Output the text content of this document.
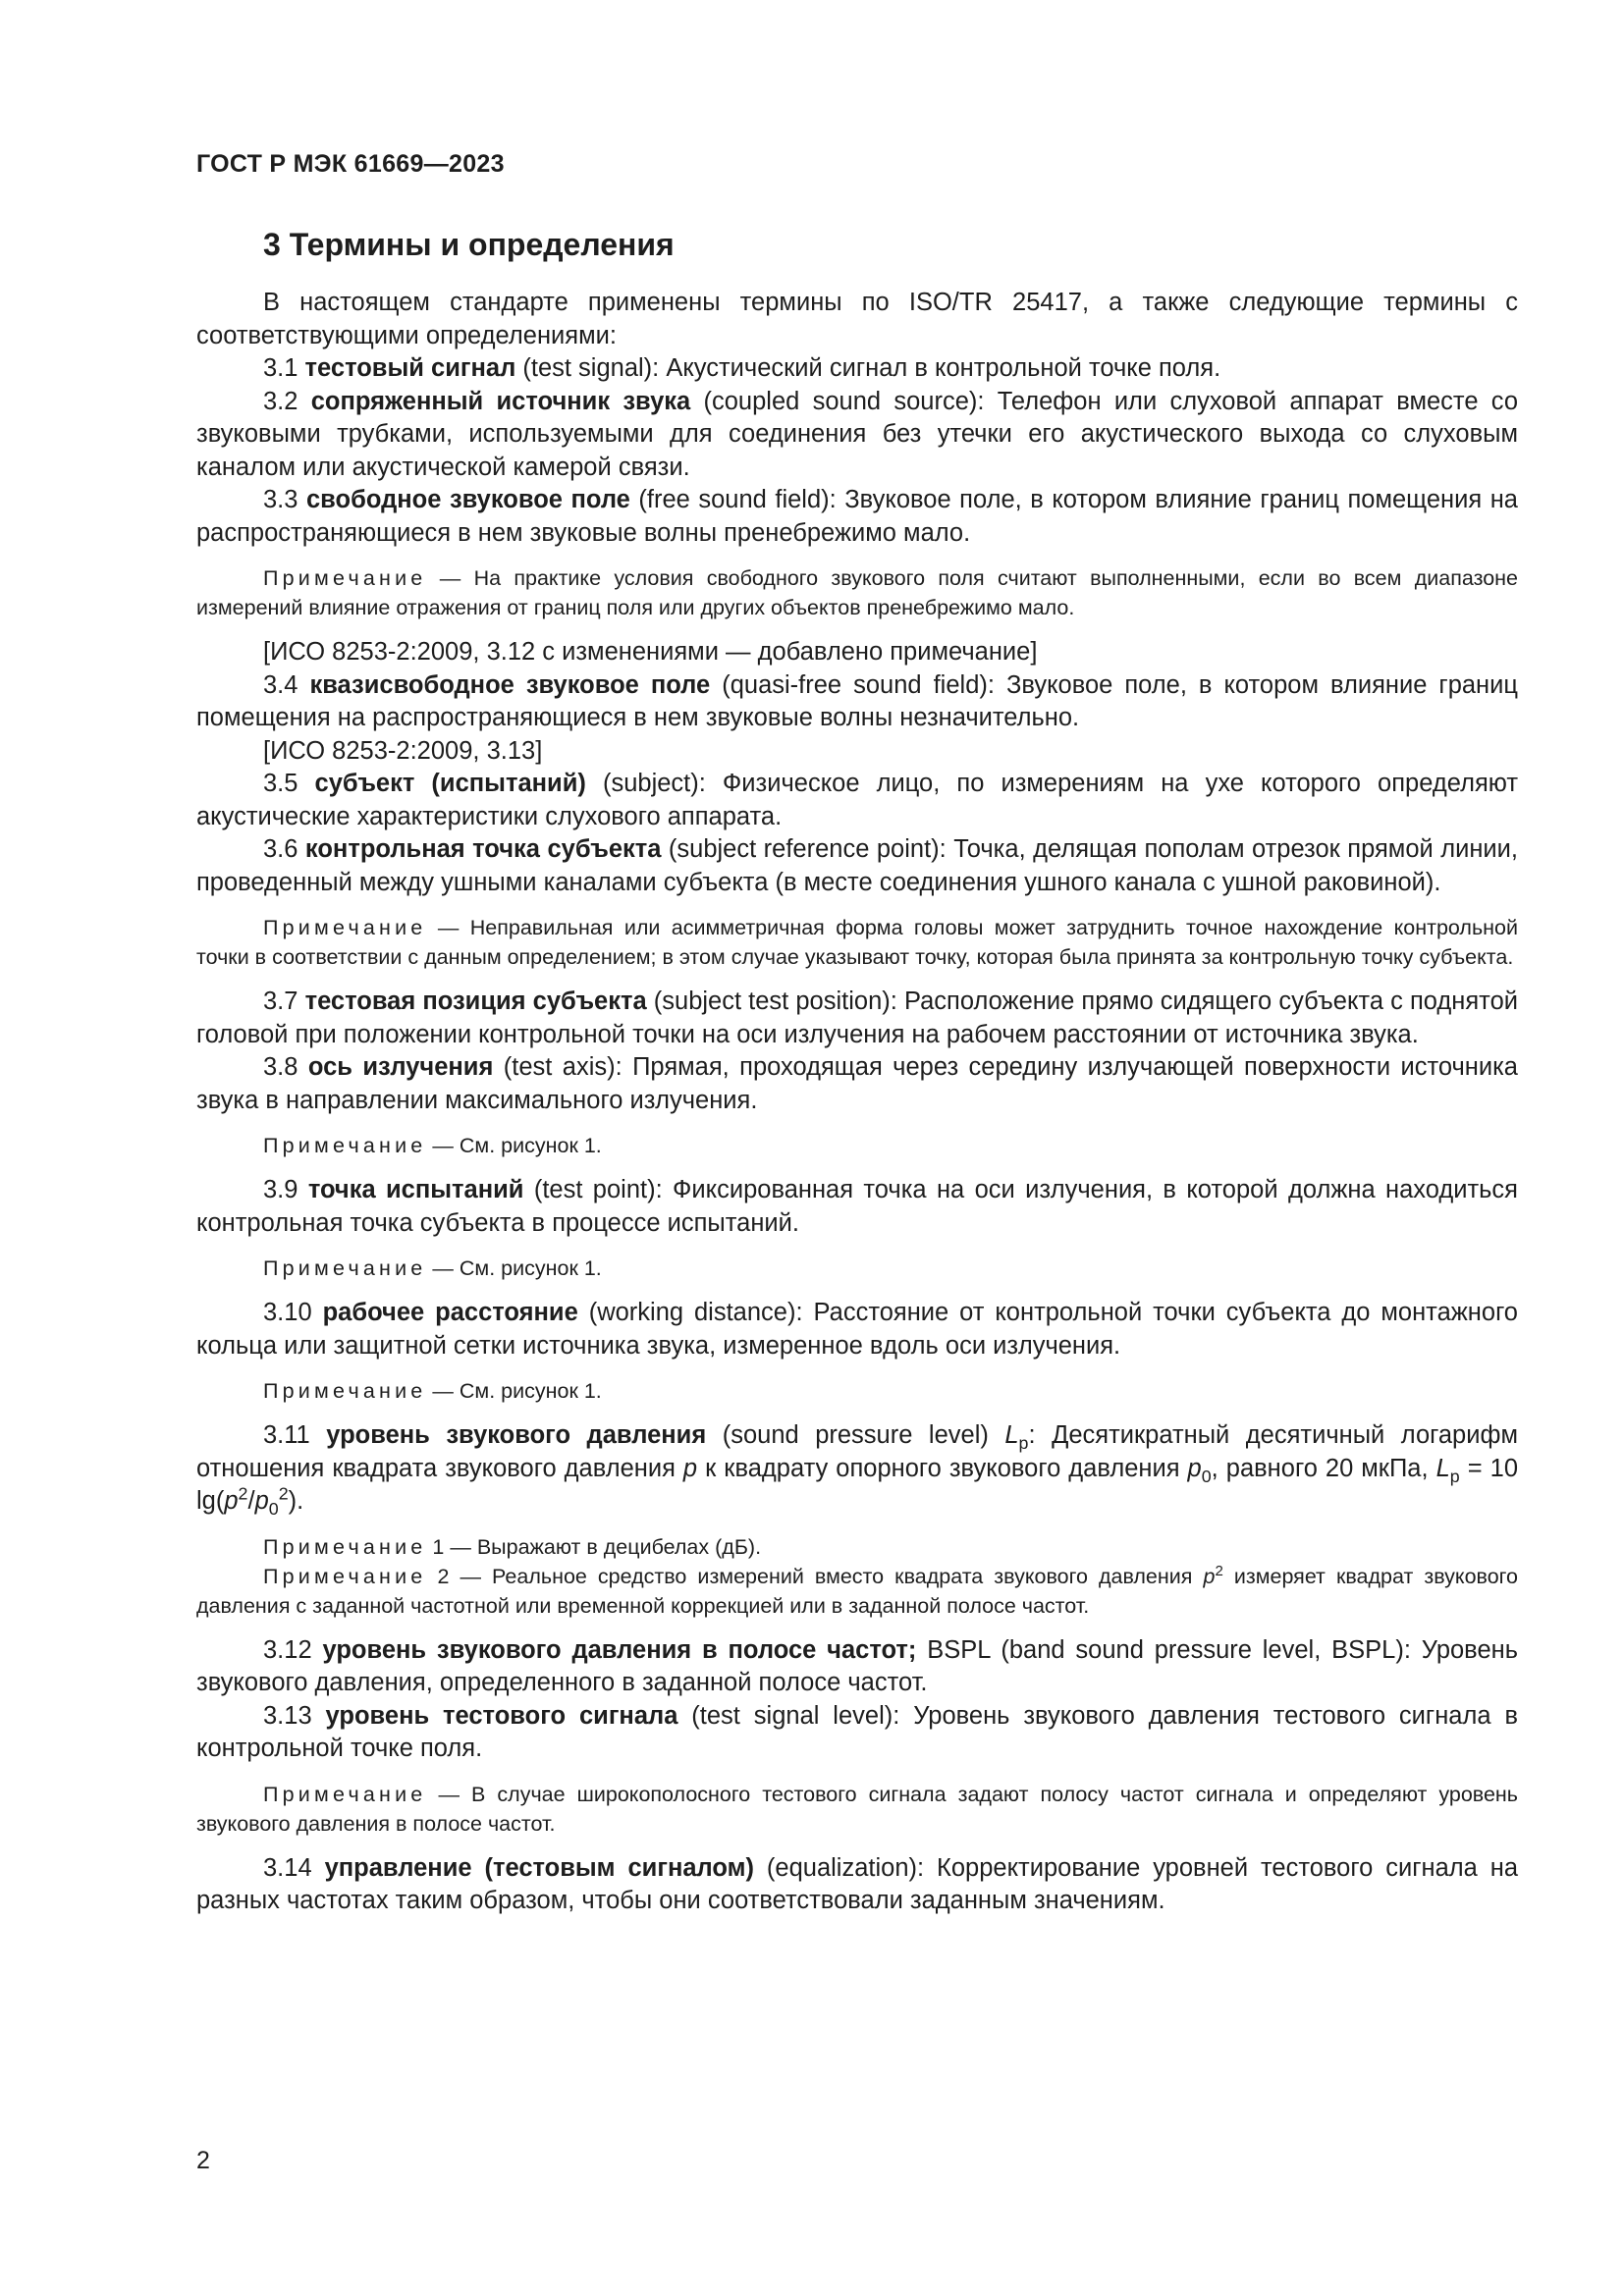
ГОСТ Р МЭК 61669—2023
3 Термины и определения

В настоящем стандарте применены термины по ISO/TR 25417, а также следующие термины с соответствующими определениями:

3.1 тестовый сигнал (test signal): Акустический сигнал в контрольной точке поля.

3.2 сопряженный источник звука (coupled sound source): Телефон или слуховой аппарат вместе со звуковыми трубками, используемыми для соединения без утечки его акустического выхода со слуховым каналом или акустической камерой связи.

3.3 свободное звуковое поле (free sound field): Звуковое поле, в котором влияние границ помещения на распространяющиеся в нем звуковые волны пренебрежимо мало.

Примечание — На практике условия свободного звукового поля считают выполненными, если во всем диапазоне измерений влияние отражения от границ поля или других объектов пренебрежимо мало.

[ИСО 8253-2:2009, 3.12 с изменениями — добавлено примечание]

3.4 квазисвободное звуковое поле (quasi-free sound field): Звуковое поле, в котором влияние границ помещения на распространяющиеся в нем звуковые волны незначительно.

[ИСО 8253-2:2009, 3.13]

3.5 субъект (испытаний) (subject): Физическое лицо, по измерениям на ухе которого определяют акустические характеристики слухового аппарата.

3.6 контрольная точка субъекта (subject reference point): Точка, делящая пополам отрезок прямой линии, проведенный между ушными каналами субъекта (в месте соединения ушного канала с ушной раковиной).

Примечание — Неправильная или асимметричная форма головы может затруднить точное нахождение контрольной точки в соответствии с данным определением; в этом случае указывают точку, которая была принята за контрольную точку субъекта.

3.7 тестовая позиция субъекта (subject test position): Расположение прямо сидящего субъекта с поднятой головой при положении контрольной точки на оси излучения на рабочем расстоянии от источника звука.

3.8 ось излучения (test axis): Прямая, проходящая через середину излучающей поверхности источника звука в направлении максимального излучения.

Примечание — См. рисунок 1.

3.9 точка испытаний (test point): Фиксированная точка на оси излучения, в которой должна находиться контрольная точка субъекта в процессе испытаний.

Примечание — См. рисунок 1.

3.10 рабочее расстояние (working distance): Расстояние от контрольной точки субъекта до монтажного кольца или защитной сетки источника звука, измеренное вдоль оси излучения.

Примечание — См. рисунок 1.

3.11 уровень звукового давления (sound pressure level) $L_p$: Десятикратный десятичный логарифм отношения квадрата звукового давления p к квадрату опорного звукового давления $p_0$, равного 20 мкПа, $L_p = 10$ $\lg(p^2/p_0^2)$.

Примечание 1 — Выражают в децибелах (дБ).
Примечание 2 — Реальное средство измерений вместо квадрата звукового давления $p^2$ измеряет квадрат звукового давления с заданной частотной или временной коррекцией или в заданной полосе частот.

3.12 уровень звукового давления в полосе частот; BSPL (band sound pressure level, BSPL): Уровень звукового давления, определенного в заданной полосе частот.

3.13 уровень тестового сигнала (test signal level): Уровень звукового давления тестового сигнала в контрольной точке поля.

Примечание — В случае широкополосного тестового сигнала задают полосу частот сигнала и определяют уровень звукового давления в полосе частот.

3.14 управление (тестовым сигналом) (equalization): Корректирование уровней тестового сигнала на разных частотах таким образом, чтобы они соответствовали заданным значениям.

2
